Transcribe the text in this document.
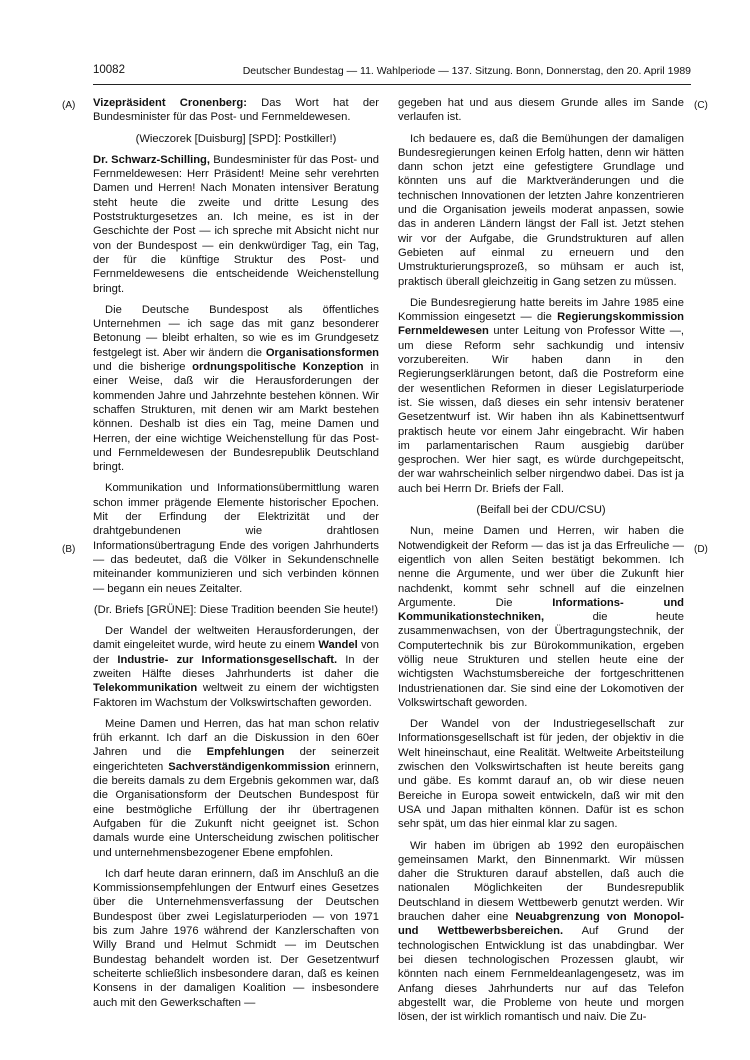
10082	Deutscher Bundestag — 11. Wahlperiode — 137. Sitzung. Bonn, Donnerstag, den 20. April 1989
(A)
(B)
(C)
(D)

Vizepräsident Cronenberg: Das Wort hat der Bundesminister für das Post- und Fernmeldewesen.

(Wieczorek [Duisburg] [SPD]: Postkiller!)

Dr. Schwarz-Schilling, Bundesminister für das Post- und Fernmeldewesen: Herr Präsident! Meine sehr verehrten Damen und Herren! Nach Monaten intensiver Beratung steht heute die zweite und dritte Lesung des Poststrukturgesetzes an. Ich meine, es ist in der Geschichte der Post — ich spreche mit Absicht nicht nur von der Bundespost — ein denkwürdiger Tag, ein Tag, der für die künftige Struktur des Post- und Fernmeldewesens die entscheidende Weichenstellung bringt.

Die Deutsche Bundespost als öffentliches Unternehmen — ich sage das mit ganz besonderer Betonung — bleibt erhalten, so wie es im Grundgesetz festgelegt ist. Aber wir ändern die Organisationsformen und die bisherige ordnungspolitische Konzeption in einer Weise, daß wir die Herausforderungen der kommenden Jahre und Jahrzehnte bestehen können. Wir schaffen Strukturen, mit denen wir am Markt bestehen können. Deshalb ist dies ein Tag, meine Damen und Herren, der eine wichtige Weichenstellung für das Post- und Fernmeldewesen der Bundesrepublik Deutschland bringt.

Kommunikation und Informationsübermittlung waren schon immer prägende Elemente historischer Epochen. Mit der Erfindung der Elektrizität und der drahtgebundenen wie drahtlosen Informationsübertragung Ende des vorigen Jahrhunderts — das bedeutet, daß die Völker in Sekundenschnelle miteinander kommunizieren und sich verbinden können — begann ein neues Zeitalter.

(Dr. Briefs [GRÜNE]: Diese Tradition beenden Sie heute!)

Der Wandel der weltweiten Herausforderungen, der damit eingeleitet wurde, wird heute zu einem Wandel von der Industrie- zur Informationsgesellschaft. In der zweiten Hälfte dieses Jahrhunderts ist daher die Telekommunikation weltweit zu einem der wichtigsten Faktoren im Wachstum der Volkswirtschaften geworden.

Meine Damen und Herren, das hat man schon relativ früh erkannt. Ich darf an die Diskussion in den 60er Jahren und die Empfehlungen der seinerzeit eingerichteten Sachverständigenkommission erinnern, die bereits damals zu dem Ergebnis gekommen war, daß die Organisationsform der Deutschen Bundespost für eine bestmögliche Erfüllung der ihr übertragenen Aufgaben für die Zukunft nicht geeignet ist. Schon damals wurde eine Unterscheidung zwischen politischer und unternehmensbezogener Ebene empfohlen.

Ich darf heute daran erinnern, daß im Anschluß an die Kommissionsempfehlungen der Entwurf eines Gesetzes über die Unternehmensverfassung der Deutschen Bundespost über zwei Legislaturperioden — von 1971 bis zum Jahre 1976 während der Kanzlerschaften von Willy Brand und Helmut Schmidt — im Deutschen Bundestag behandelt worden ist. Der Gesetzentwurf scheiterte schließlich insbesondere daran, daß es keinen Konsens in der damaligen Koalition — insbesondere auch mit den Gewerkschaften —

gegeben hat und aus diesem Grunde alles im Sande verlaufen ist.

Ich bedauere es, daß die Bemühungen der damaligen Bundesregierungen keinen Erfolg hatten, denn wir hätten dann schon jetzt eine gefestigtere Grundlage und könnten uns auf die Marktveränderungen und die technischen Innovationen der letzten Jahre konzentrieren und die Organisation jeweils moderat anpassen, sowie das in anderen Ländern längst der Fall ist. Jetzt stehen wir vor der Aufgabe, die Grundstrukturen auf allen Gebieten auf einmal zu erneuern und den Umstrukturierungsprozeß, so mühsam er auch ist, praktisch überall gleichzeitig in Gang setzen zu müssen.

Die Bundesregierung hatte bereits im Jahre 1985 eine Kommission eingesetzt — die Regierungskommission Fernmeldewesen unter Leitung von Professor Witte —, um diese Reform sehr sachkundig und intensiv vorzubereiten. Wir haben dann in den Regierungserklärungen betont, daß die Postreform eine der wesentlichen Reformen in dieser Legislaturperiode ist. Sie wissen, daß dieses ein sehr intensiv beratener Gesetzentwurf ist. Wir haben ihn als Kabinettsentwurf praktisch heute vor einem Jahr eingebracht. Wir haben im parlamentarischen Raum ausgiebig darüber gesprochen. Wer hier sagt, es würde durchgepeitscht, der war wahrscheinlich selber nirgendwo dabei. Das ist ja auch bei Herrn Dr. Briefs der Fall.

(Beifall bei der CDU/CSU)

Nun, meine Damen und Herren, wir haben die Notwendigkeit der Reform — das ist ja das Erfreuliche — eigentlich von allen Seiten bestätigt bekommen. Ich nenne die Argumente, und wer über die Zukunft hier nachdenkt, kommt sehr schnell auf die einzelnen Argumente. Die Informations- und Kommunikationstechniken, die heute zusammenwachsen, von der Übertragungstechnik, der Computertechnik bis zur Bürokommunikation, ergeben völlig neue Strukturen und stellen heute eine der wichtigsten Wachstumsbereiche der fortgeschrittenen Industrienationen dar. Sie sind eine der Lokomotiven der Volkswirtschaft geworden.

Der Wandel von der Industriegesellschaft zur Informationsgesellschaft ist für jeden, der objektiv in die Welt hineinschaut, eine Realität. Weltweite Arbeitsteilung zwischen den Volkswirtschaften ist heute bereits gang und gäbe. Es kommt darauf an, ob wir diese neuen Bereiche in Europa soweit entwickeln, daß wir mit den USA und Japan mithalten können. Dafür ist es schon sehr spät, um das hier einmal klar zu sagen.

Wir haben im übrigen ab 1992 den europäischen gemeinsamen Markt, den Binnenmarkt. Wir müssen daher die Strukturen darauf abstellen, daß auch die nationalen Möglichkeiten der Bundesrepublik Deutschland in diesem Wettbewerb genutzt werden. Wir brauchen daher eine Neuabgrenzung von Monopol- und Wettbewerbsbereichen. Auf Grund der technologischen Entwicklung ist das unabdingbar. Wer bei diesen technologischen Prozessen glaubt, wir könnten nach einem Fernmeldeanlagengesetz, was im Anfang dieses Jahrhunderts nur auf das Telefon abgestellt war, die Probleme von heute und morgen lösen, der ist wirklich romantisch und naiv. Die Zu-
